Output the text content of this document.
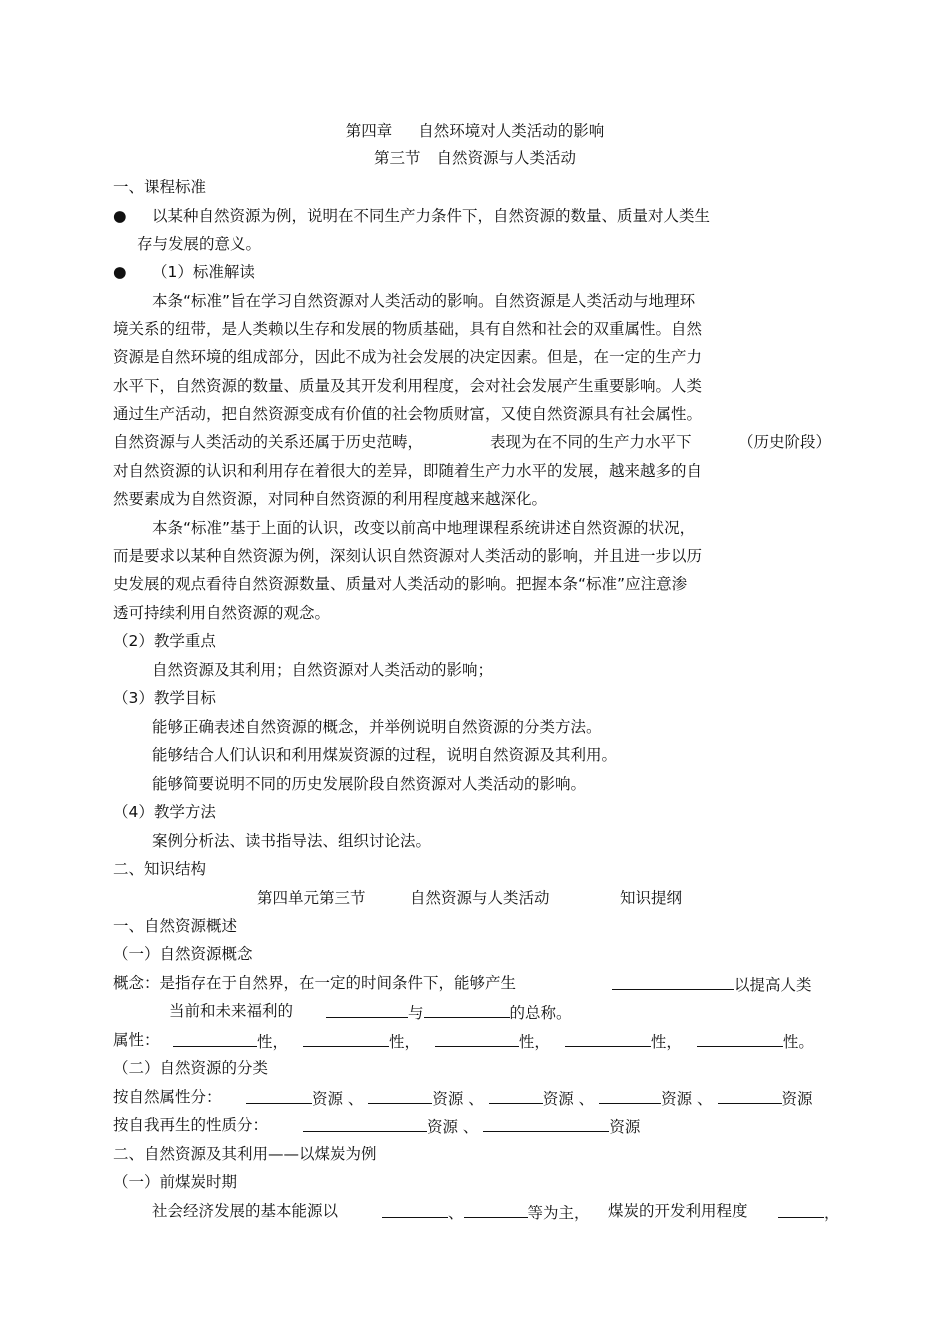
第四章 自然环境对人类活动的影响
第三节 自然资源与人类活动
一、课程标准
● 以某种自然资源为例，说明在不同生产力条件下，自然资源的数量、质量对人类生
存与发展的意义。
● （1）标准解读
本条“标准”旨在学习自然资源对人类活动的影响。自然资源是人类活动与地理环
境关系的纽带，是人类赖以生存和发展的物质基础，具有自然和社会的双重属性。自然
资源是自然环境的组成部分，因此不成为社会发展的决定因素。但是，在一定的生产力
水平下，自然资源的数量、质量及其开发利用程度，会对社会发展产生重要影响。人类
通过生产活动，把自然资源变成有价值的社会物质财富，又使自然资源具有社会属性。
自然资源与人类活动的关系还属于历史范畴，	表现为在不同的生产力水平下	（历史阶段）
对自然资源的认识和利用存在着很大的差异，即随着生产力水平的发展，越来越多的自
然要素成为自然资源，对同种自然资源的利用程度越来越深化。
本条“标准”基于上面的认识，改变以前高中地理课程系统讲述自然资源的状况，
而是要求以某种自然资源为例，深刻认识自然资源对人类活动的影响，并且进一步以历
史发展的观点看待自然资源数量、质量对人类活动的影响。把握本条“标准”应注意渗
透可持续利用自然资源的观念。
（2）教学重点
自然资源及其利用；自然资源对人类活动的影响；
（3）教学目标
能够正确表述自然资源的概念，并举例说明自然资源的分类方法。
能够结合人们认识和利用煤炭资源的过程，说明自然资源及其利用。
能够简要说明不同的历史发展阶段自然资源对人类活动的影响。
（4）教学方法
案例分析法、读书指导法、组织讨论法。
二、知识结构
第四单元第三节	自然资源与人类活动	知识提纲
一、自然资源概述
（一）自然资源概念
概念：是指存在于自然界，在一定的时间条件下，能够产生	以提高人类
当前和未来福利的	与	的总称。
属性：	性，	性，	性，	性，	性。
（二）自然资源的分类
按自然属性分：	资源 、	资源 、	资源 、	资源 、	资源
按自我再生的性质分：	资源 、	资源
二、自然资源及其利用——以煤炭为例
（一）前煤炭时期
社会经济发展的基本能源以	、	等为主， 煤炭的开发利用程度	，
